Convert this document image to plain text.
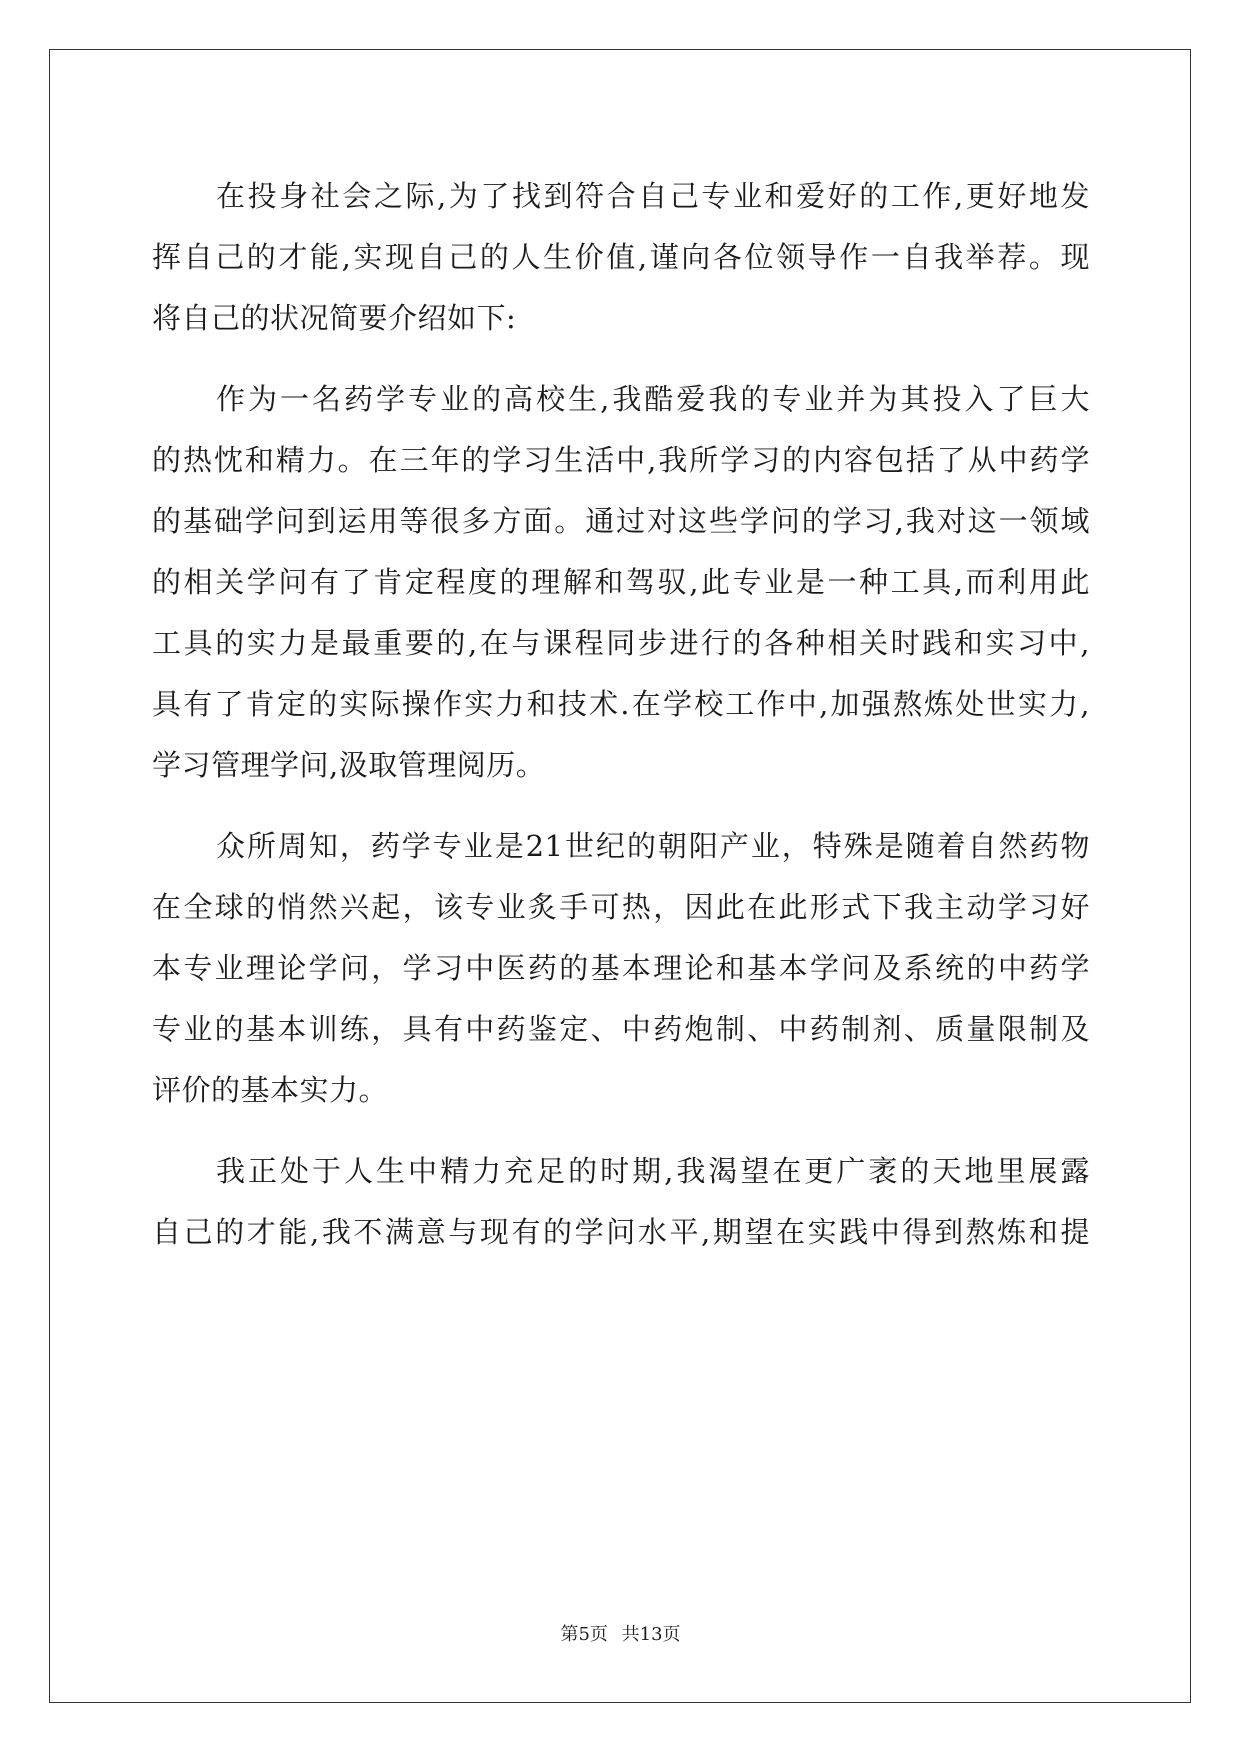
在投身社会之际,为了找到符合自己专业和爱好的工作,更好地发
挥自己的才能,实现自己的人生价值,谨向各位领导作一自我举荐。现
将自己的状况简要介绍如下:
作为一名药学专业的高校生,我酷爱我的专业并为其投入了巨大
的热忱和精力。在三年的学习生活中,我所学习的内容包括了从中药学
的基础学问到运用等很多方面。通过对这些学问的学习,我对这一领域
的相关学问有了肯定程度的理解和驾驭,此专业是一种工具,而利用此
工具的实力是最重要的,在与课程同步进行的各种相关时践和实习中,
具有了肯定的实际操作实力和技术.在学校工作中,加强熬炼处世实力,
学习管理学问,汲取管理阅历。
众所周知，药学专业是21世纪的朝阳产业，特殊是随着自然药物
在全球的悄然兴起，该专业炙手可热，因此在此形式下我主动学习好
本专业理论学问，学习中医药的基本理论和基本学问及系统的中药学
专业的基本训练，具有中药鉴定、中药炮制、中药制剂、质量限制及
评价的基本实力。
我正处于人生中精力充足的时期,我渴望在更广袤的天地里展露
自己的才能,我不满意与现有的学问水平,期望在实践中得到熬炼和提
第5页 共13页
